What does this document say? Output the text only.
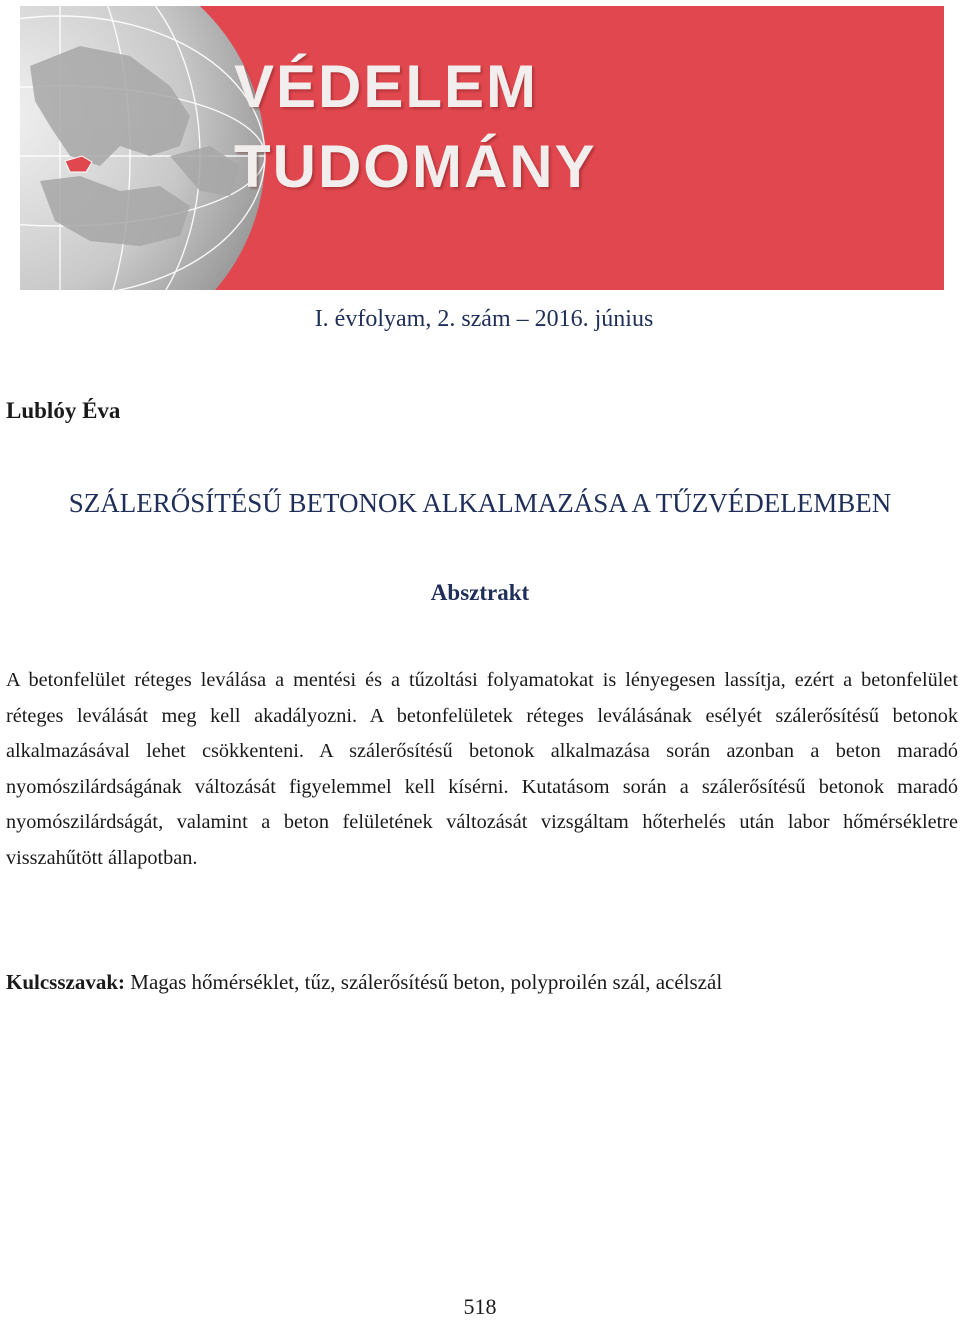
VÉDELEM
TUDOMÁNY
I. évfolyam, 2. szám – 2016. június
Lublóy Éva
SZÁLERŐSÍTÉSŰ BETONOK ALKALMAZÁSA A TŰZVÉDELEMBEN
Absztrakt

A betonfelület réteges leválása a mentési és a tűzoltási folyamatokat is lényegesen lassítja, ezért a betonfelület réteges leválását meg kell akadályozni. A betonfelületek réteges leválásának esélyét szálerősítésű betonok alkalmazásával lehet csökkenteni. A szálerősítésű betonok alkalmazása során azonban a beton maradó nyomószilárdságának változását figyelemmel kell kísérni. Kutatásom során a szálerősítésű betonok maradó nyomószilárdságát, valamint a beton felületének változását vizsgáltam hőterhelés után labor hőmérsékletre visszahűtött állapotban.

Kulcsszavak: Magas hőmérséklet, tűz, szálerősítésű beton, polyproilén szál, acélszál
518
